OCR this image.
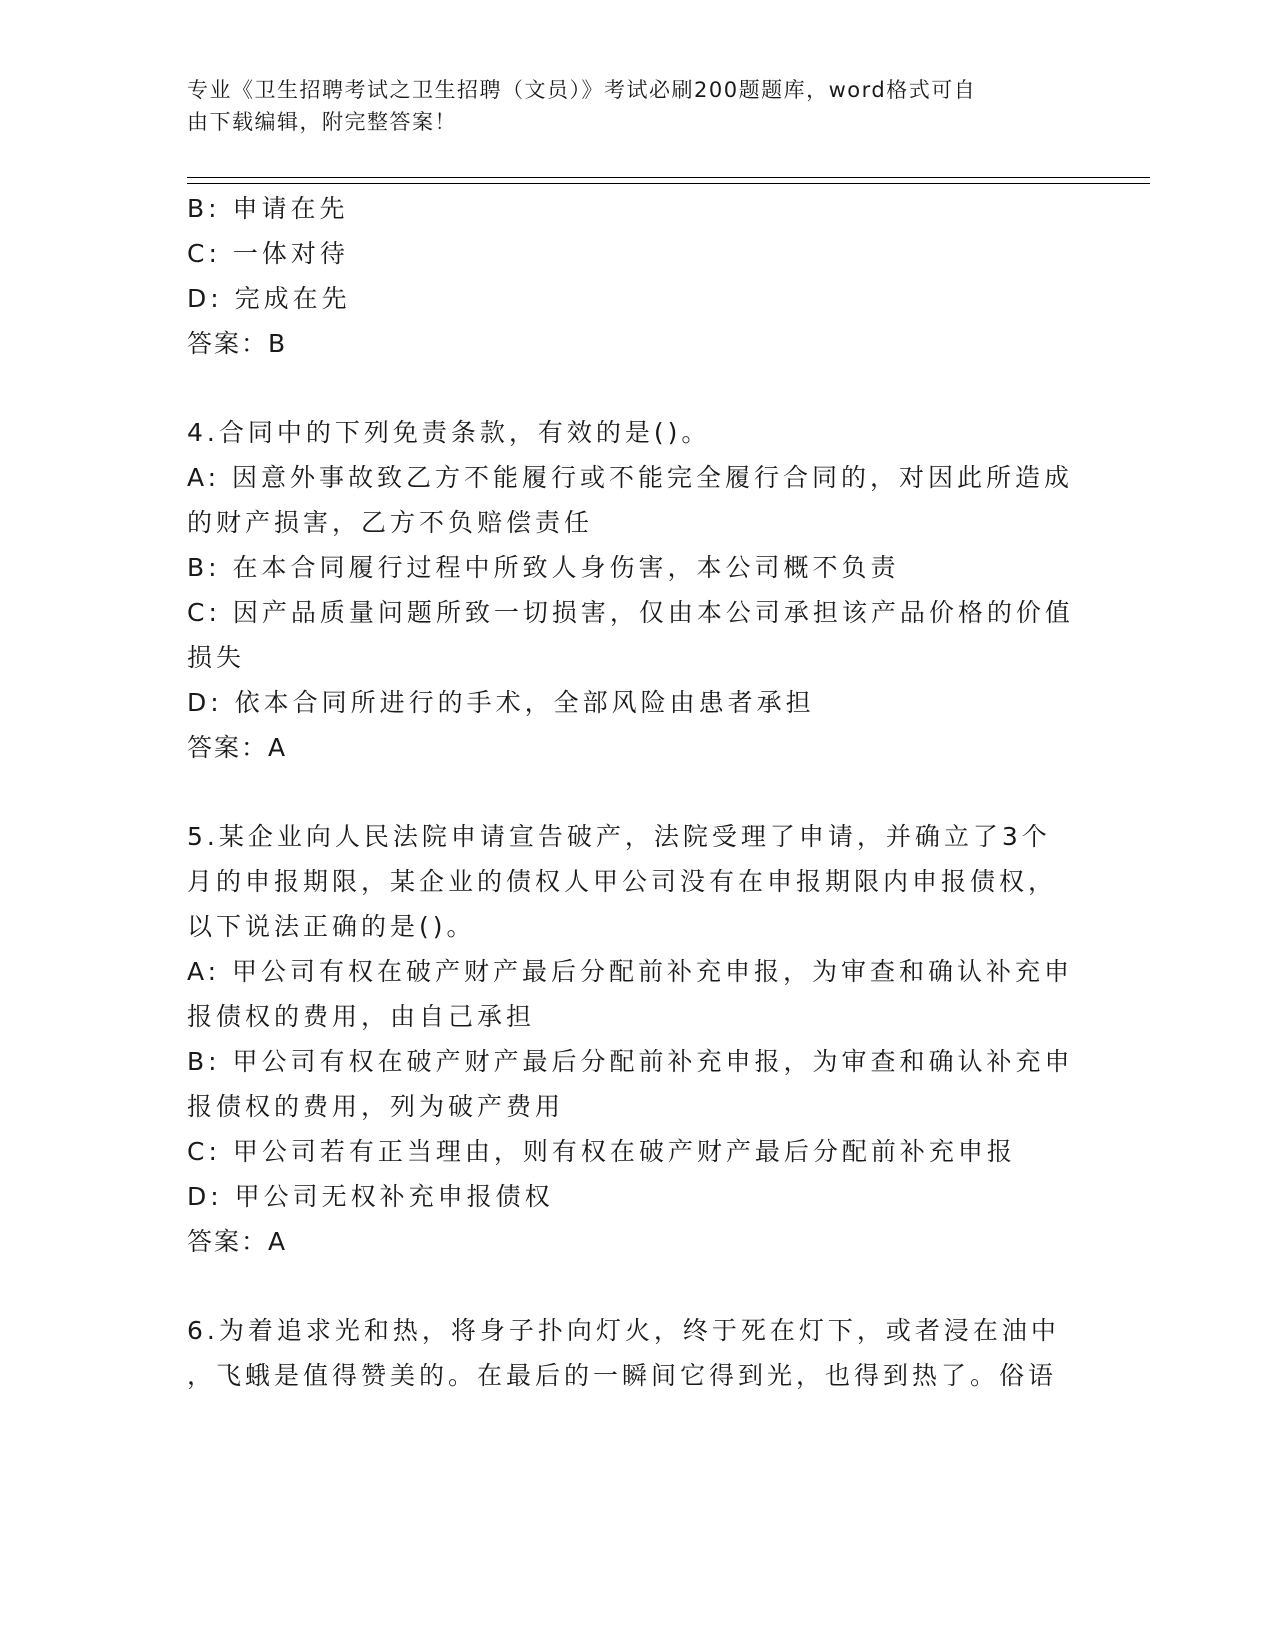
专业《卫生招聘考试之卫生招聘（文员）》考试必刷200题题库，word格式可自
由下载编辑，附完整答案！
B: 申请在先
C: 一体对待
D: 完成在先
答案：B
4.合同中的下列免责条款，有效的是()。
A: 因意外事故致乙方不能履行或不能完全履行合同的，对因此所造成
的财产损害，乙方不负赔偿责任
B: 在本合同履行过程中所致人身伤害，本公司概不负责
C: 因产品质量问题所致一切损害，仅由本公司承担该产品价格的价值
损失
D: 依本合同所进行的手术，全部风险由患者承担
答案：A
5.某企业向人民法院申请宣告破产，法院受理了申请，并确立了3个
月的申报期限，某企业的债权人甲公司没有在申报期限内申报债权，
以下说法正确的是()。
A: 甲公司有权在破产财产最后分配前补充申报，为审查和确认补充申
报债权的费用，由自己承担
B: 甲公司有权在破产财产最后分配前补充申报，为审查和确认补充申
报债权的费用，列为破产费用
C: 甲公司若有正当理由，则有权在破产财产最后分配前补充申报
D: 甲公司无权补充申报债权
答案：A
6.为着追求光和热，将身子扑向灯火，终于死在灯下，或者浸在油中
，飞蛾是值得赞美的。在最后的一瞬间它得到光，也得到热了。俗语
